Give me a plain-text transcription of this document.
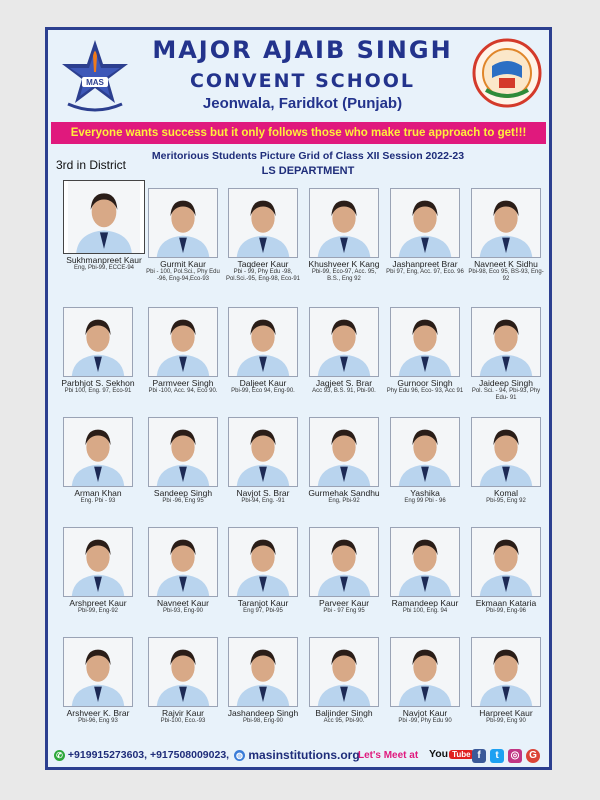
MAS
MAJOR AJAIB SINGH
CONVENT SCHOOL
Jeonwala, Faridkot (Punjab)
Everyone wants success but it only follows those who make true approach to get!!!
3rd in District
Meritorious Students Picture Grid of Class XII Session 2022-23
LS DEPARTMENT
Sukhmanpreet Kaur
Eng, Pbi-99, ECCE-94	Gurmit Kaur
Pbi - 100, Pol.Sci., Phy Edu -96, Eng-94,Eco-93
Taqdeer Kaur
Pbi - 99, Phy Edu -98, Pol.Sci.-95, Eng-98, Eco-91
Khushveer K Kang
Pbi-99, Eco-97, Acc. 95, B.S., Eng 92
Jashanpreet Brar
Pbi 97, Eng, Acc. 97, Eco. 96
Navneet K Sidhu
Pbi-98, Eco 95, BS-93, Eng-92
Parbhjot S. Sekhon
Pbi 100, Eng. 97, Eco-91
Parmveer Singh
Pbi -100, Acc. 94, Eco 90.
Daljeet Kaur
Pbi-99, Eco 94, Eng-90.
Jagjeet S. Brar
Acc 93, B.S. 91, Pbi-90.
Gurnoor Singh
Phy Edu 96, Eco- 93, Acc 91
Jaideep Singh
Pol. Sci. - 94, Pbi-93, Phy Edu- 91
Arman Khan
Eng. Pbi - 93
Sandeep Singh
Pbi -96, Eng 95
Navjot S. Brar
Pbi-94, Eng. -91
Gurmehak Sandhu
Eng, Pbi-92
Yashika
Eng 99 Pbi - 96
Komal
Pbi-95, Eng 92
Arshpreet Kaur
Pbi-99, Eng-92
Navneet Kaur
Pbi-93, Eng-90
Taranjot Kaur
Eng 97, Pbi-95
Parveer Kaur
Pbi - 97 Eng 95
Ramandeep Kaur
Pbi 100, Eng. 94
Ekmaan Kataria
Pbi-99, Eng-96
Arshveer K. Brar
Pbi-96, Eng 93
Rajvir Kaur
Pbi-100, Eco.-93
Jashandeep Singh
Pbi-98, Eng-90
Baljinder Singh
Acc 95, Pbi-90.
Navjot Kaur
Pbi -99, Phy Edu 90
Harpreet Kaur
Pbi-99, Eng 90
✆ +919915273603, +917508009023, ◍ masinstitutions.org
Let's Meet at You Tube f	t	◎ G
